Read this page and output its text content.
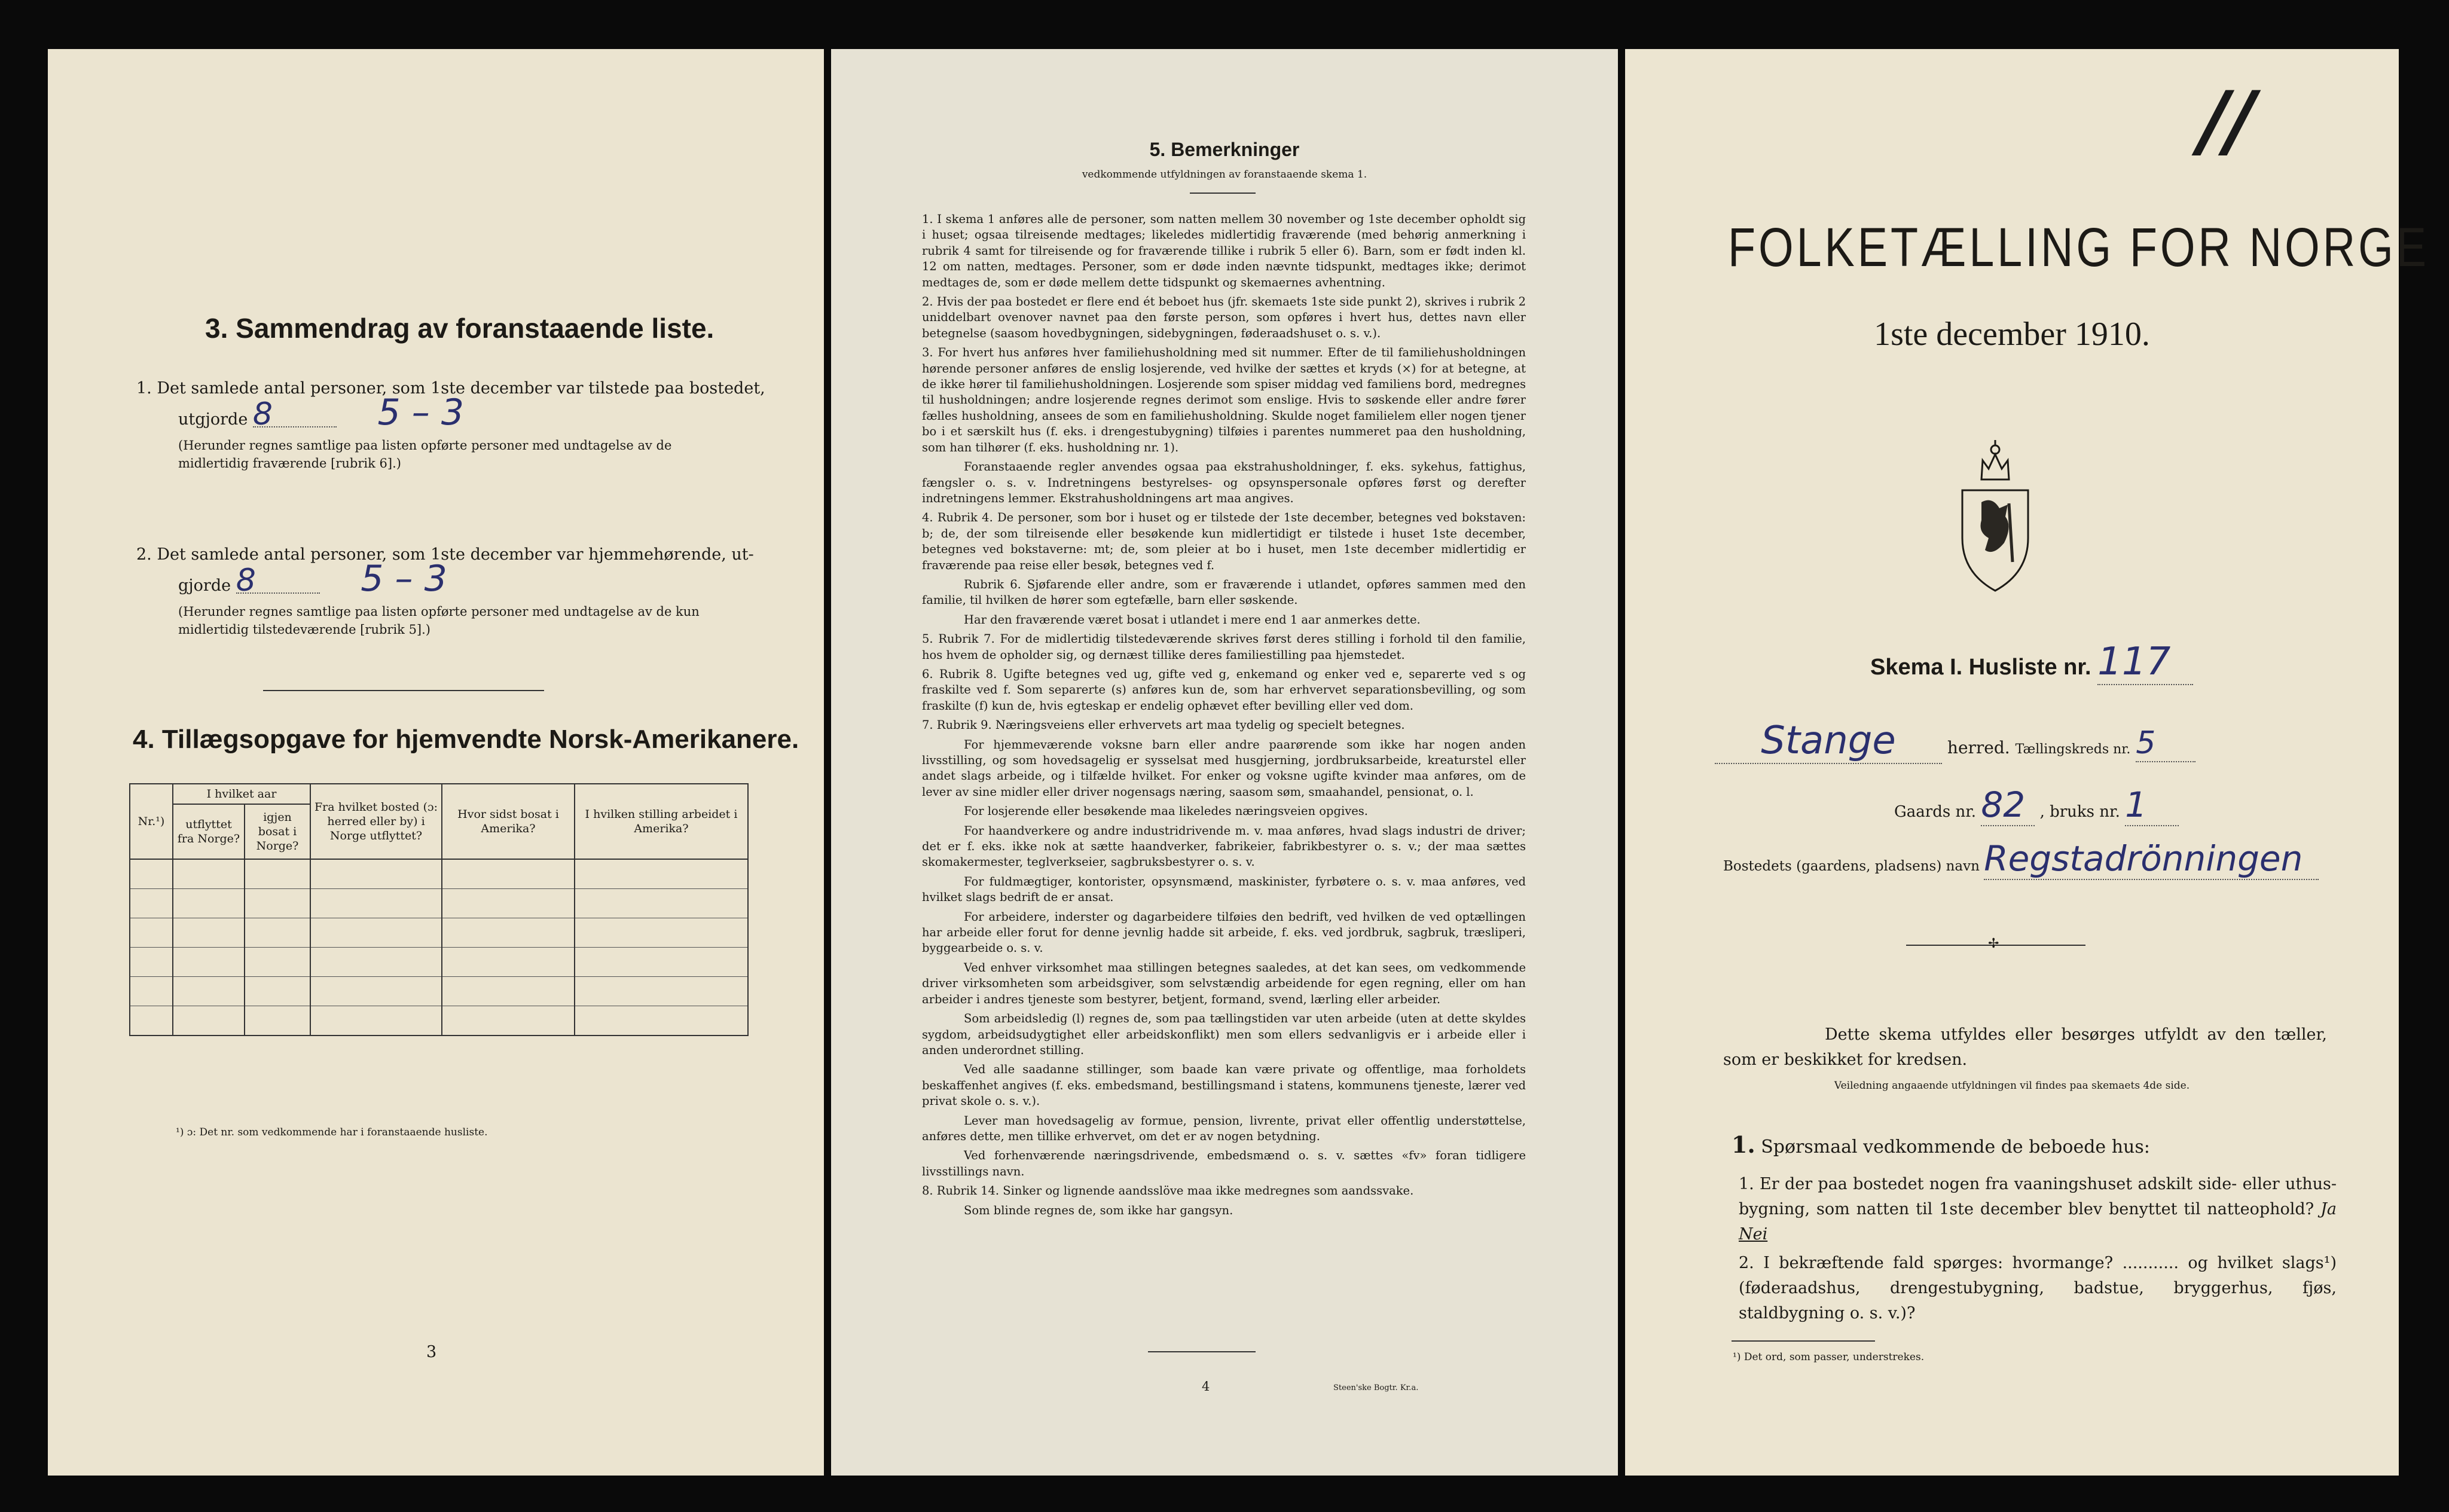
3. Sammendrag av foranstaaende liste.
1. Det samlede antal personer, som 1ste december var tilstede paa bostedet,
utgjorde 8	5 – 3
(Herunder regnes samtlige paa listen opførte personer med undtagelse av de midlertidig fraværende [rubrik 6].)
2. Det samlede antal personer, som 1ste december var hjemmehørende, ut-
gjorde 8	5 – 3
(Herunder regnes samtlige paa listen opførte personer med undtagelse av de kun midlertidig tilstedeværende [rubrik 5].)
4. Tillægsopgave for hjemvendte Norsk-Amerikanere.
Nr.¹)	I hvilket aar		Fra hvilket bosted (ɔ: herred eller by) i Norge utflyttet?	Hvor sidst bosat i Amerika?	I hvilken stilling arbeidet i Amerika?
	utflyttet fra Norge?	igjen bosat i Norge?			

¹) ɔ: Det nr. som vedkommende har i foranstaaende husliste.
3
5. Bemerkninger
vedkommende utfyldningen av foranstaaende skema 1.

1. I skema 1 anføres alle de personer, som natten mellem 30 november og 1ste december opholdt sig i huset; ogsaa tilreisende medtages; likeledes midlertidig fraværende (med behørig anmerkning i rubrik 4 samt for tilreisende og for fraværende tillike i rubrik 5 eller 6). Barn, som er født inden kl. 12 om natten, medtages. Personer, som er døde inden nævnte tidspunkt, medtages ikke; derimot medtages de, som er døde mellem dette tidspunkt og skemaernes avhentning.

2. Hvis der paa bostedet er flere end ét beboet hus (jfr. skemaets 1ste side punkt 2), skrives i rubrik 2 uniddelbart ovenover navnet paa den første person, som opføres i hvert hus, dettes navn eller betegnelse (saasom hovedbygningen, sidebygningen, føderaadshuset o. s. v.).

3. For hvert hus anføres hver familiehusholdning med sit nummer. Efter de til familiehusholdningen hørende personer anføres de enslig losjerende, ved hvilke der sættes et kryds (×) for at betegne, at de ikke hører til familiehusholdningen. Losjerende som spiser middag ved familiens bord, medregnes til husholdningen; andre losjerende regnes derimot som enslige. Hvis to søskende eller andre fører fælles husholdning, ansees de som en familiehusholdning. Skulde noget familielem eller nogen tjener bo i et særskilt hus (f. eks. i drengestubygning) tilføies i parentes nummeret paa den husholdning, som han tilhører (f. eks. husholdning nr. 1).

Foranstaaende regler anvendes ogsaa paa ekstrahusholdninger, f. eks. sykehus, fattighus, fængsler o. s. v. Indretningens bestyrelses- og opsynspersonale opføres først og derefter indretningens lemmer. Ekstrahusholdningens art maa angives.

4. Rubrik 4. De personer, som bor i huset og er tilstede der 1ste december, betegnes ved bokstaven: b; de, der som tilreisende eller besøkende kun midlertidigt er tilstede i huset 1ste december, betegnes ved bokstaverne: mt; de, som pleier at bo i huset, men 1ste december midlertidig er fraværende paa reise eller besøk, betegnes ved f.

Rubrik 6. Sjøfarende eller andre, som er fraværende i utlandet, opføres sammen med den familie, til hvilken de hører som egtefælle, barn eller søskende.

Har den fraværende været bosat i utlandet i mere end 1 aar anmerkes dette.

5. Rubrik 7. For de midlertidig tilstedeværende skrives først deres stilling i forhold til den familie, hos hvem de opholder sig, og dernæst tillike deres familiestilling paa hjemstedet.

6. Rubrik 8. Ugifte betegnes ved ug, gifte ved g, enkemand og enker ved e, separerte ved s og fraskilte ved f. Som separerte (s) anføres kun de, som har erhvervet separationsbevilling, og som fraskilte (f) kun de, hvis egteskap er endelig ophævet efter bevilling eller ved dom.

7. Rubrik 9. Næringsveiens eller erhvervets art maa tydelig og specielt betegnes.

For hjemmeværende voksne barn eller andre paarørende som ikke har nogen anden livsstilling, og som hovedsagelig er sysselsat med husgjerning, jordbruksarbeide, kreaturstel eller andet slags arbeide, og i tilfælde hvilket. For enker og voksne ugifte kvinder maa anføres, om de lever av sine midler eller driver nogensags næring, saasom søm, smaahandel, pensionat, o. l.

For losjerende eller besøkende maa likeledes næringsveien opgives.

For haandverkere og andre industridrivende m. v. maa anføres, hvad slags industri de driver; det er f. eks. ikke nok at sætte haandverker, fabrikeier, fabrikbestyrer o. s. v.; der maa sættes skomakermester, teglverkseier, sagbruksbestyrer o. s. v.

For fuldmægtiger, kontorister, opsynsmænd, maskinister, fyrbøtere o. s. v. maa anføres, ved hvilket slags bedrift de er ansat.

For arbeidere, inderster og dagarbeidere tilføies den bedrift, ved hvilken de ved optællingen har arbeide eller forut for denne jevnlig hadde sit arbeide, f. eks. ved jordbruk, sagbruk, træsliperi, byggearbeide o. s. v.

Ved enhver virksomhet maa stillingen betegnes saaledes, at det kan sees, om vedkommende driver virksomheten som arbeidsgiver, som selvstændig arbeidende for egen regning, eller om han arbeider i andres tjeneste som bestyrer, betjent, formand, svend, lærling eller arbeider.

Som arbeidsledig (l) regnes de, som paa tællingstiden var uten arbeide (uten at dette skyldes sygdom, arbeidsudygtighet eller arbeidskonflikt) men som ellers sedvanligvis er i arbeide eller i anden underordnet stilling.

Ved alle saadanne stillinger, som baade kan være private og offentlige, maa forholdets beskaffenhet angives (f. eks. embedsmand, bestillingsmand i statens, kommunens tjeneste, lærer ved privat skole o. s. v.).

Lever man hovedsagelig av formue, pension, livrente, privat eller offentlig understøttelse, anføres dette, men tillike erhvervet, om det er av nogen betydning.

Ved forhenværende næringsdrivende, embedsmænd o. s. v. sættes «fv» foran tidligere livsstillings navn.

8. Rubrik 14. Sinker og lignende aandsslöve maa ikke medregnes som aandssvake.

Som blinde regnes de, som ikke har gangsyn.

4	Steen'ske Bogtr. Kr.a.
II
FOLKETÆLLING FOR NORGE
1ste december 1910.
Skema I. Husliste nr. 117
Stange	herred. Tællingskreds nr. 5
Gaards nr. 82 , bruks nr. 1
Bostedets (gaardens, pladsens) navn Regstadrönningen
✢
Dette skema utfyldes eller besørges utfyldt av den tæller, som er beskikket for kredsen.
Veiledning angaaende utfyldningen vil findes paa skemaets 4de side.
1. Spørsmaal vedkommende de beboede hus:
1. Er der paa bostedet nogen fra vaaningshuset adskilt side- eller uthus-bygning, som natten til 1ste december blev benyttet til natteophold? Ja Nei
2. I bekræftende fald spørges: hvormange? ........... og hvilket slags¹) (føderaadshus, drengestubygning, badstue, bryggerhus, fjøs, staldbygning o. s. v.)?
¹) Det ord, som passer, understrekes.
